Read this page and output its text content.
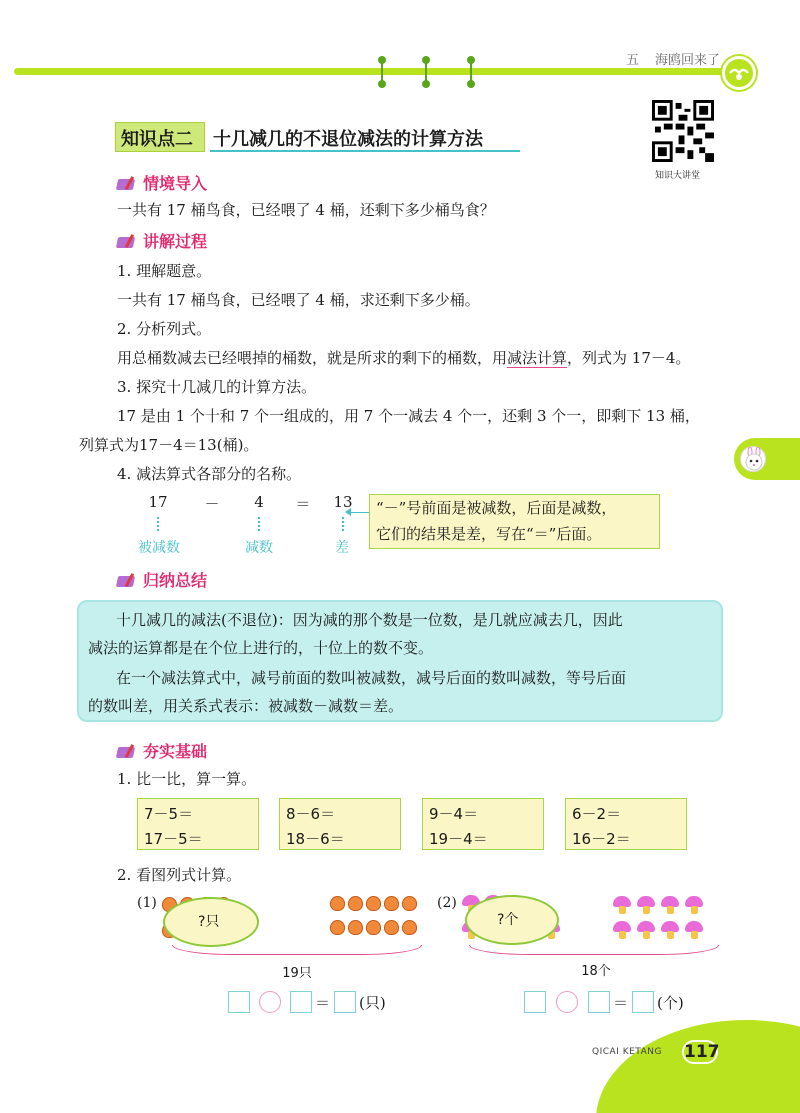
五 海鸥回来了
知识点二 十几减几的不退位减法的计算方法
知识大讲堂
情境导入
一共有 17 桶鸟食，已经喂了 4 桶，还剩下多少桶鸟食？
讲解过程
1. 理解题意。
一共有 17 桶鸟食，已经喂了 4 桶，求还剩下多少桶。
2. 分析列式。
用总桶数减去已经喂掉的桶数，就是所求的剩下的桶数，用减法计算，列式为 17－4。
3. 探究十几减几的计算方法。
17 是由 1 个十和 7 个一组成的，用 7 个一减去 4 个一，还剩 3 个一，即剩下 13 桶，
列算式为17－4＝13(桶)。
4. 减法算式各部分的名称。
17	－	4 ＝	13
被减数	减数	差
“－”号前面是被减数，后面是减数，
它们的结果是差，写在“＝”后面。
归纳总结
十几减几的减法(不退位)：因为减的那个数是一位数，是几就应减去几，因此
减法的运算都是在个位上进行的，十位上的数不变。
在一个减法算式中，减号前面的数叫被减数，减号后面的数叫减数，等号后面
的数叫差，用关系式表示：被减数－减数＝差。
夯实基础
1. 比一比，算一算。
7－5＝
17－5＝
8－6＝
18－6＝
9－4＝
19－4＝
6－2＝
16－2＝
2. 看图列式计算。
(1)
?只
19只
(2)
?个
18个
＝ (只)	＝ (个)
QICAI KETANG 117
